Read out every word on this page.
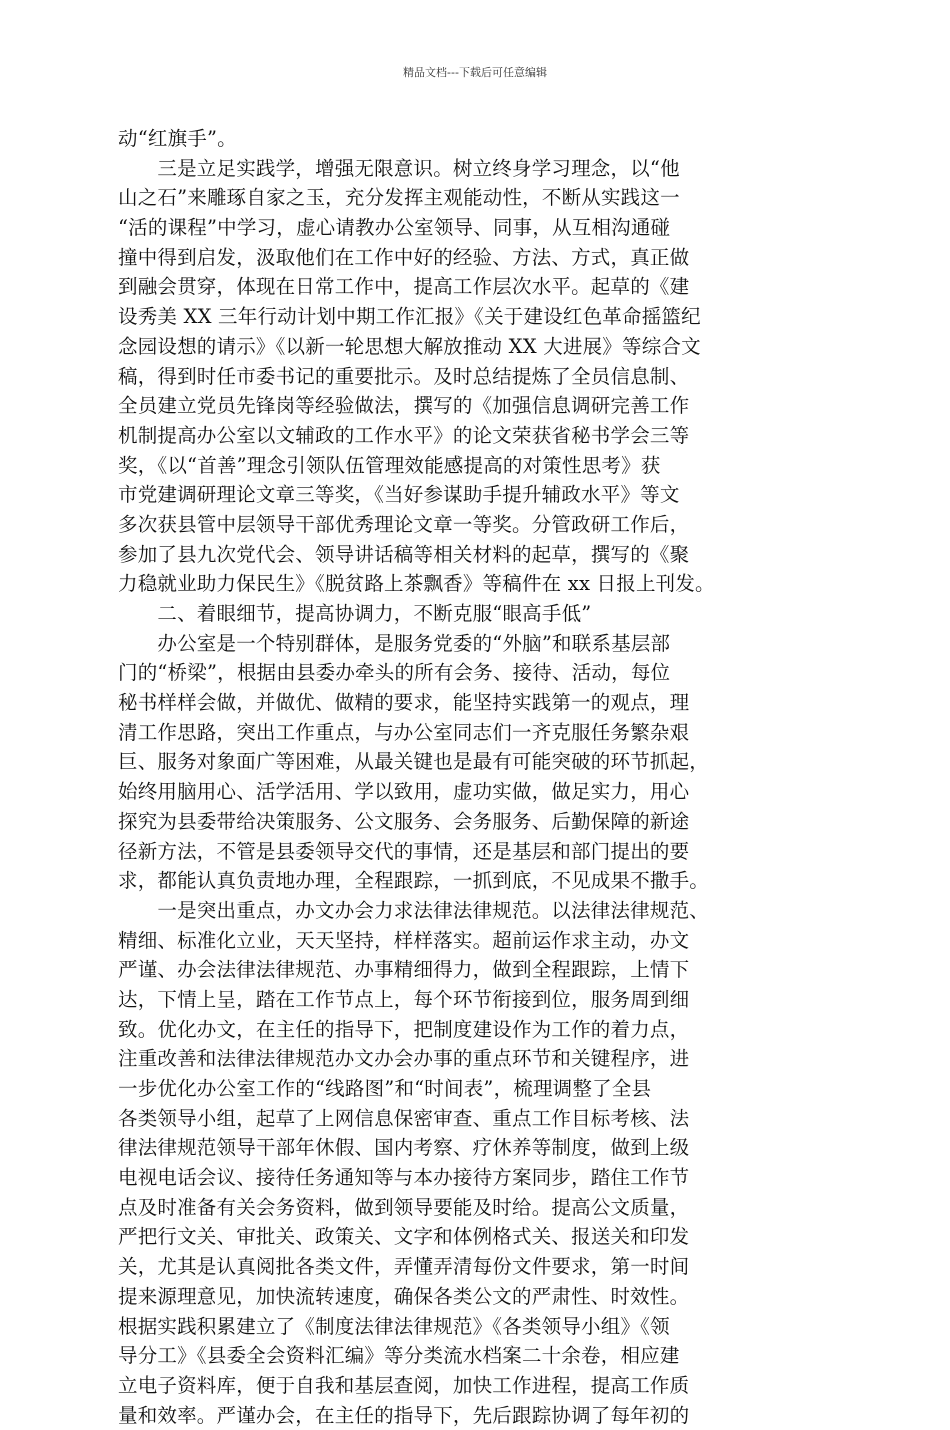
精品文档---下载后可任意编辑
动“红旗手”。
　　三是立足实践学，增强无限意识。树立终身学习理念，以“他
山之石”来雕琢自家之玉，充分发挥主观能动性，不断从实践这一
“活的课程”中学习，虚心请教办公室领导、同事，从互相沟通碰
撞中得到启发，汲取他们在工作中好的经验、方法、方式，真正做
到融会贯穿，体现在日常工作中，提高工作层次水平。起草的《建
设秀美 XX 三年行动计划中期工作汇报》《关于建设红色革命摇篮纪
念园设想的请示》《以新一轮思想大解放推动 XX 大进展》等综合文
稿，得到时任市委书记的重要批示。及时总结提炼了全员信息制、
全员建立党员先锋岗等经验做法，撰写的《加强信息调研完善工作
机制提高办公室以文辅政的工作水平》的论文荣获省秘书学会三等
奖，《以“首善”理念引领队伍管理效能感提高的对策性思考》获
市党建调研理论文章三等奖，《当好参谋助手提升辅政水平》等文
多次获县管中层领导干部优秀理论文章一等奖。分管政研工作后，
参加了县九次党代会、领导讲话稿等相关材料的起草，撰写的《聚
力稳就业助力保民生》《脱贫路上茶飘香》等稿件在 xx 日报上刊发。
　　二、着眼细节，提高协调力，不断克服“眼高手低”
　　办公室是一个特别群体，是服务党委的“外脑”和联系基层部
门的“桥梁”，根据由县委办牵头的所有会务、接待、活动，每位
秘书样样会做，并做优、做精的要求，能坚持实践第一的观点，理
清工作思路，突出工作重点，与办公室同志们一齐克服任务繁杂艰
巨、服务对象面广等困难，从最关键也是最有可能突破的环节抓起，
始终用脑用心、活学活用、学以致用，虚功实做，做足实力，用心
探究为县委带给决策服务、公文服务、会务服务、后勤保障的新途
径新方法，不管是县委领导交代的事情，还是基层和部门提出的要
求，都能认真负责地办理，全程跟踪，一抓到底，不见成果不撒手。
　　一是突出重点，办文办会力求法律法律规范。以法律法律规范、
精细、标准化立业，天天坚持，样样落实。超前运作求主动，办文
严谨、办会法律法律规范、办事精细得力，做到全程跟踪，上情下
达，下情上呈，踏在工作节点上，每个环节衔接到位，服务周到细
致。优化办文，在主任的指导下，把制度建设作为工作的着力点，
注重改善和法律法律规范办文办会办事的重点环节和关键程序，进
一步优化办公室工作的“线路图”和“时间表”，梳理调整了全县
各类领导小组，起草了上网信息保密审查、重点工作目标考核、法
律法律规范领导干部年休假、国内考察、疗休养等制度，做到上级
电视电话会议、接待任务通知等与本办接待方案同步，踏住工作节
点及时准备有关会务资料，做到领导要能及时给。提高公文质量，
严把行文关、审批关、政策关、文字和体例格式关、报送关和印发
关，尤其是认真阅批各类文件，弄懂弄清每份文件要求，第一时间
提来源理意见，加快流转速度，确保各类公文的严肃性、时效性。
根据实践积累建立了《制度法律法律规范》《各类领导小组》《领
导分工》《县委全会资料汇编》等分类流水档案二十余卷，相应建
立电子资料库，便于自我和基层查阅，加快工作进程，提高工作质
量和效率。严谨办会，在主任的指导下，先后跟踪协调了每年初的
